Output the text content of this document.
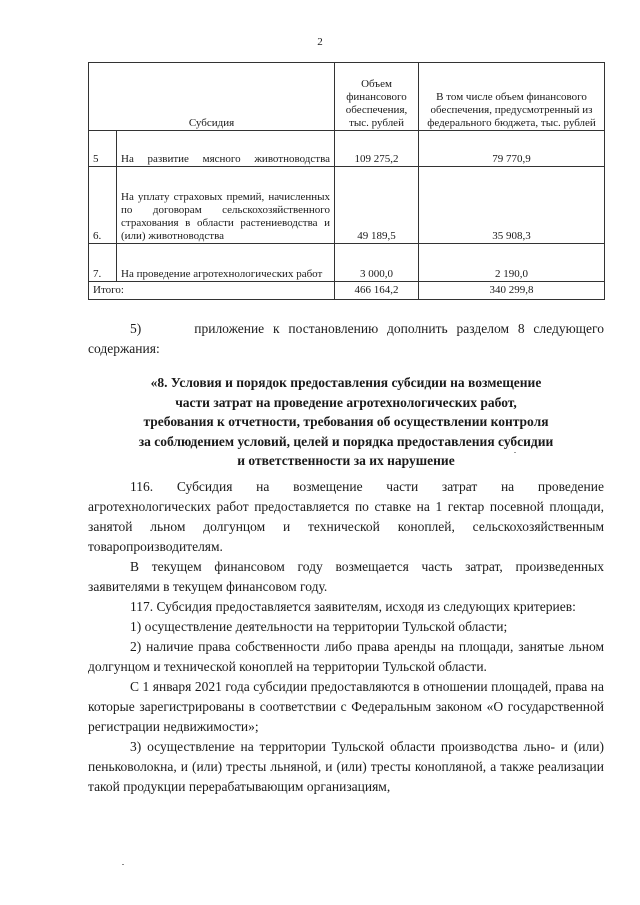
2
Субсидия		Объем финансового обеспечения, тыс. рублей	В том числе объем финансового обеспечения, предусмотренный из федерального бюджета, тыс. рублей
5	На развитие мясного животноводства	109 275,2	79 770,9
6.	На уплату страховых премий, начисленных по договорам сельскохозяйственного страхования в области растениеводства и (или) животноводства	49 189,5	35 908,3
7.	На проведение агротехнологических работ	3 000,0	2 190,0
Итого:		466 164,2	340 299,8

5)      приложение к постановлению дополнить разделом 8 следующего содержания:

«8. Условия и порядок предоставления субсидии на возмещение
части затрат на проведение агротехнологических работ,
требования к отчетности, требования об осуществлении контроля
за соблюдением условий, целей и порядка предоставления субсидии
и ответственности за их нарушение

116.  Субсидия  на  возмещение  части  затрат  на  проведение агротехнологических работ предоставляется по ставке на 1 гектар посевной площади, занятой льном долгунцом и технической коноплей, сельскохозяйственным товаропроизводителям.

В текущем финансовом году возмещается часть затрат, произведенных заявителями в текущем финансовом году.

117. Субсидия предоставляется заявителям, исходя из следующих критериев:

1) осуществление деятельности на территории Тульской области;

2) наличие права собственности либо права аренды на площади, занятые льном долгунцом и технической коноплей на территории Тульской области.

С 1 января 2021 года субсидии предоставляются в отношении площадей, права на которые зарегистрированы в соответствии с Федеральным законом «О государственной регистрации недвижимости»;

3) осуществление на территории Тульской области производства льно- и (или) пеньковолокна, и (или) тресты льняной, и (или) тресты конопляной, а также реализации такой продукции перерабатывающим организациям,
